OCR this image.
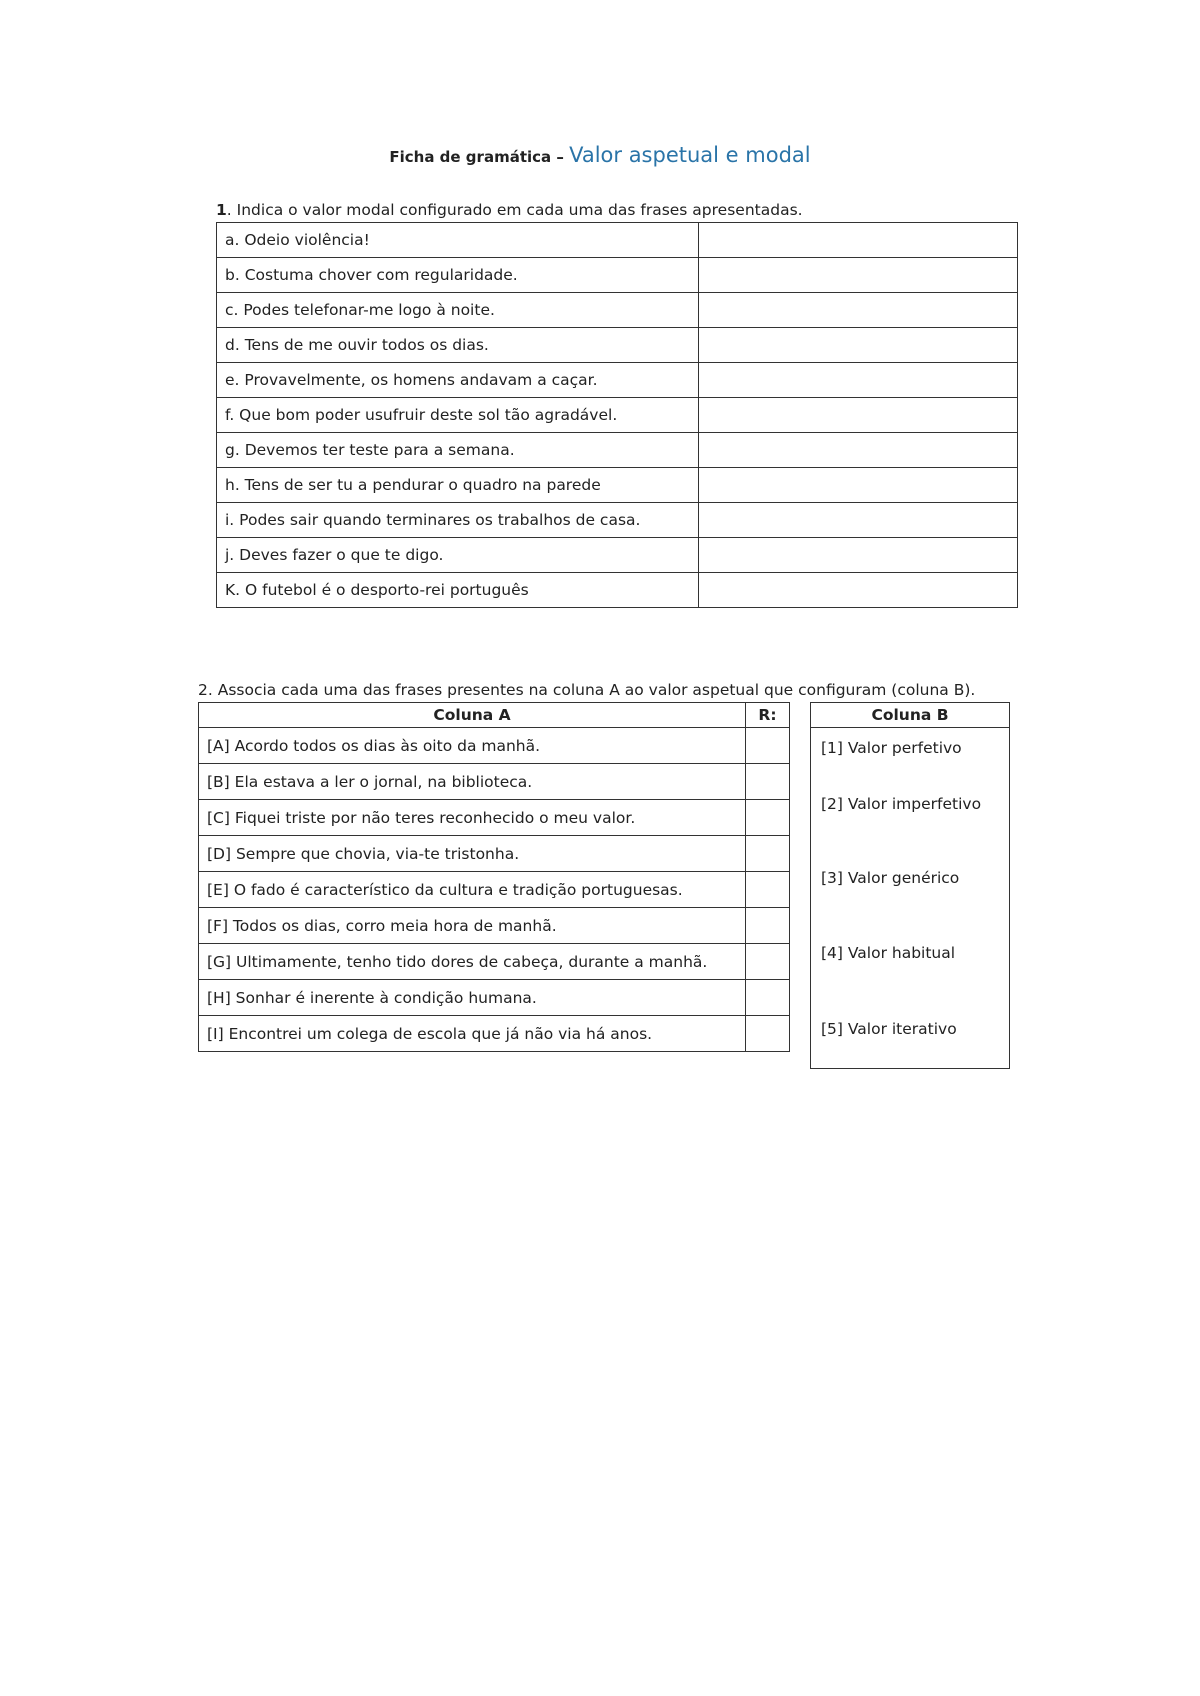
Ficha de gramática – Valor aspetual e modal
1. Indica o valor modal configurado em cada uma das frases apresentadas.
a. Odeio violência!	
b. Costuma chover com regularidade.	
c. Podes telefonar-me logo à noite.	
d. Tens de me ouvir todos os dias.	
e. Provavelmente, os homens andavam a caçar.	
f. Que bom poder usufruir deste sol tão agradável.	
g. Devemos ter teste para a semana.	
h. Tens de ser tu a pendurar o quadro na parede	
i. Podes sair quando terminares os trabalhos de casa.	
j. Deves fazer o que te digo.	
K. O futebol é o desporto-rei português	
2. Associa cada uma das frases presentes na coluna A ao valor aspetual que configuram (coluna B).
Coluna A	R:
[A] Acordo todos os dias às oito da manhã.	
[B] Ela estava a ler o jornal, na biblioteca.	
[C] Fiquei triste por não teres reconhecido o meu valor.	
[D] Sempre que chovia, via-te tristonha.	
[E] O fado é característico da cultura e tradição portuguesas.	
[F] Todos os dias, corro meia hora de manhã.	
[G] Ultimamente, tenho tido dores de cabeça, durante a manhã.	
[H] Sonhar é inerente à condição humana.	
[I] Encontrei um colega de escola que já não via há anos.	
Coluna B

[1] Valor perfetivo
[2] Valor imperfetivo
[3] Valor genérico
[4] Valor habitual
[5] Valor iterativo
